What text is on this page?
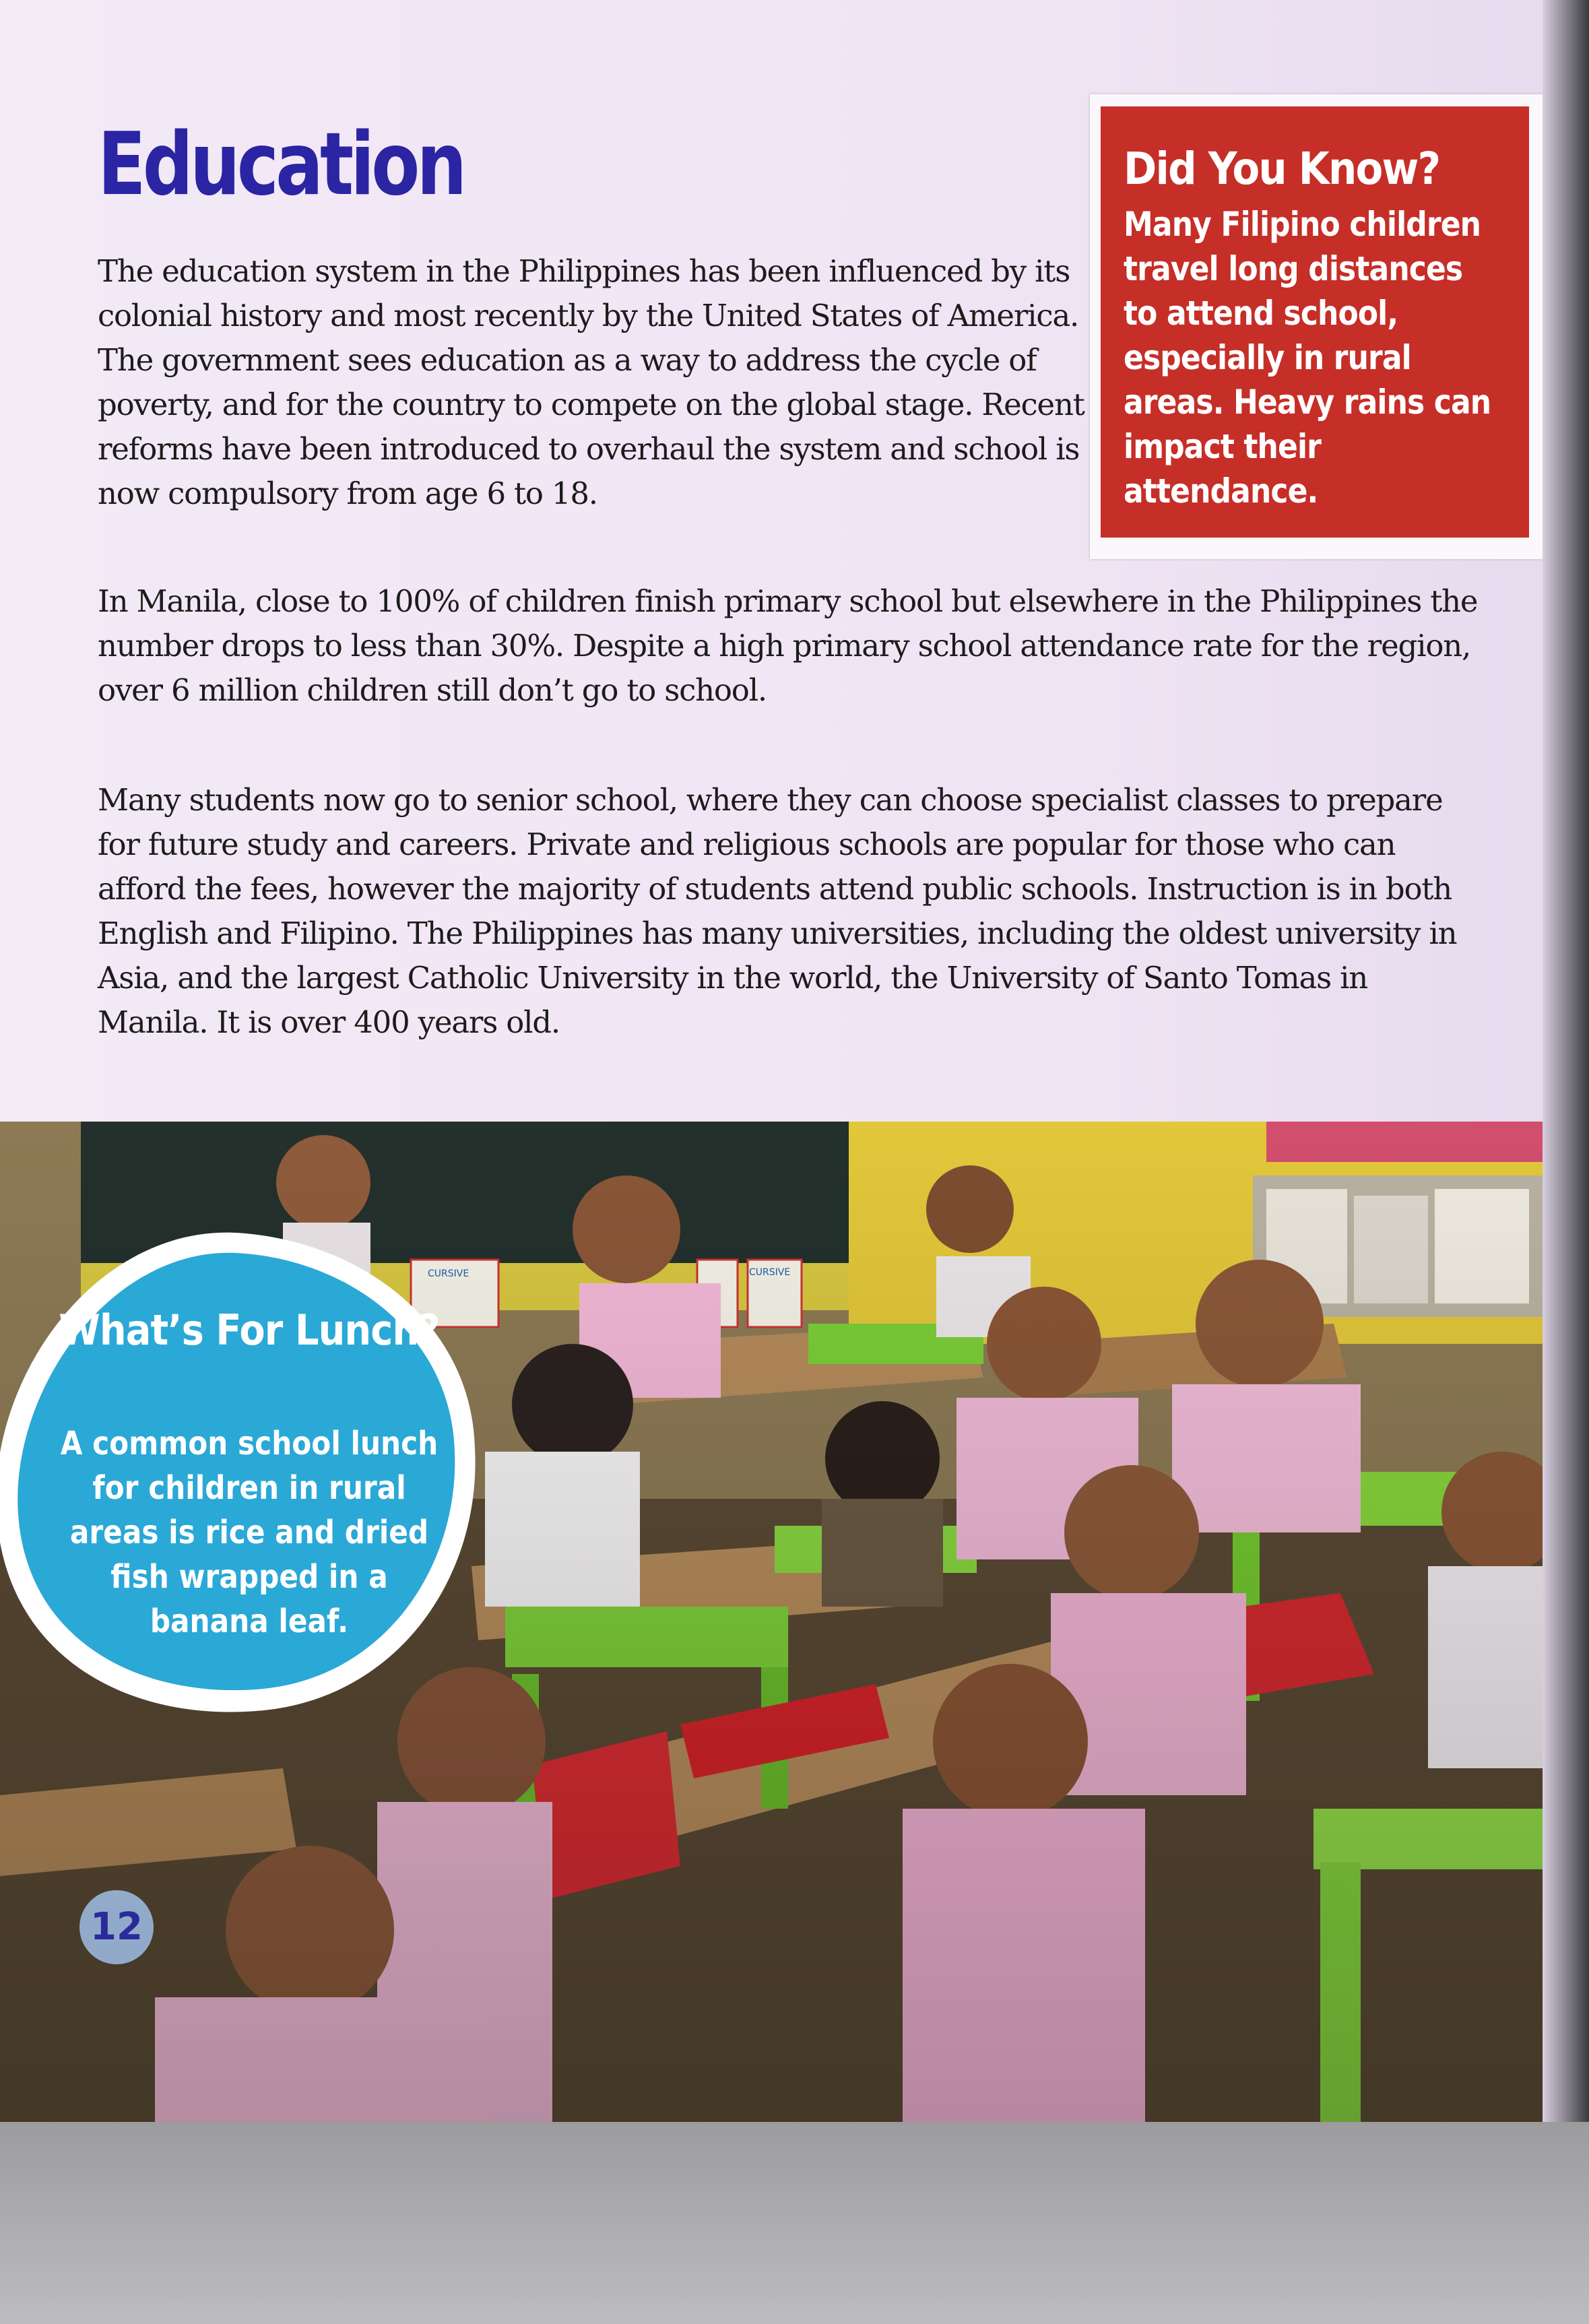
Education

The education system in the Philippines has been influenced by its colonial history and most recently by the United States of America. The government sees education as a way to address the cycle of poverty, and for the country to compete on the global stage. Recent reforms have been introduced to overhaul the system and school is now compulsory from age 6 to 18.

In Manila, close to 100% of children finish primary school but elsewhere in the Philippines the number drops to less than 30%. Despite a high primary school attendance rate for the region, over 6 million children still don’t go to school.

Many students now go to senior school, where they can choose specialist classes to prepare for future study and careers. Private and religious schools are popular for those who can afford the fees, however the majority of students attend public schools. Instruction is in both English and Filipino. The Philippines has many universities, including the oldest university in Asia, and the largest Catholic University in the world, the University of Santo Tomas in Manila. It is over 400 years old.

Did You Know?

Many Filipino children travel long distances to attend school, especially in rural areas. Heavy rains can impact their attendance.

What’s For Lunch?

A common school lunch for children in rural areas is rice and dried fish wrapped in a banana leaf.

12
